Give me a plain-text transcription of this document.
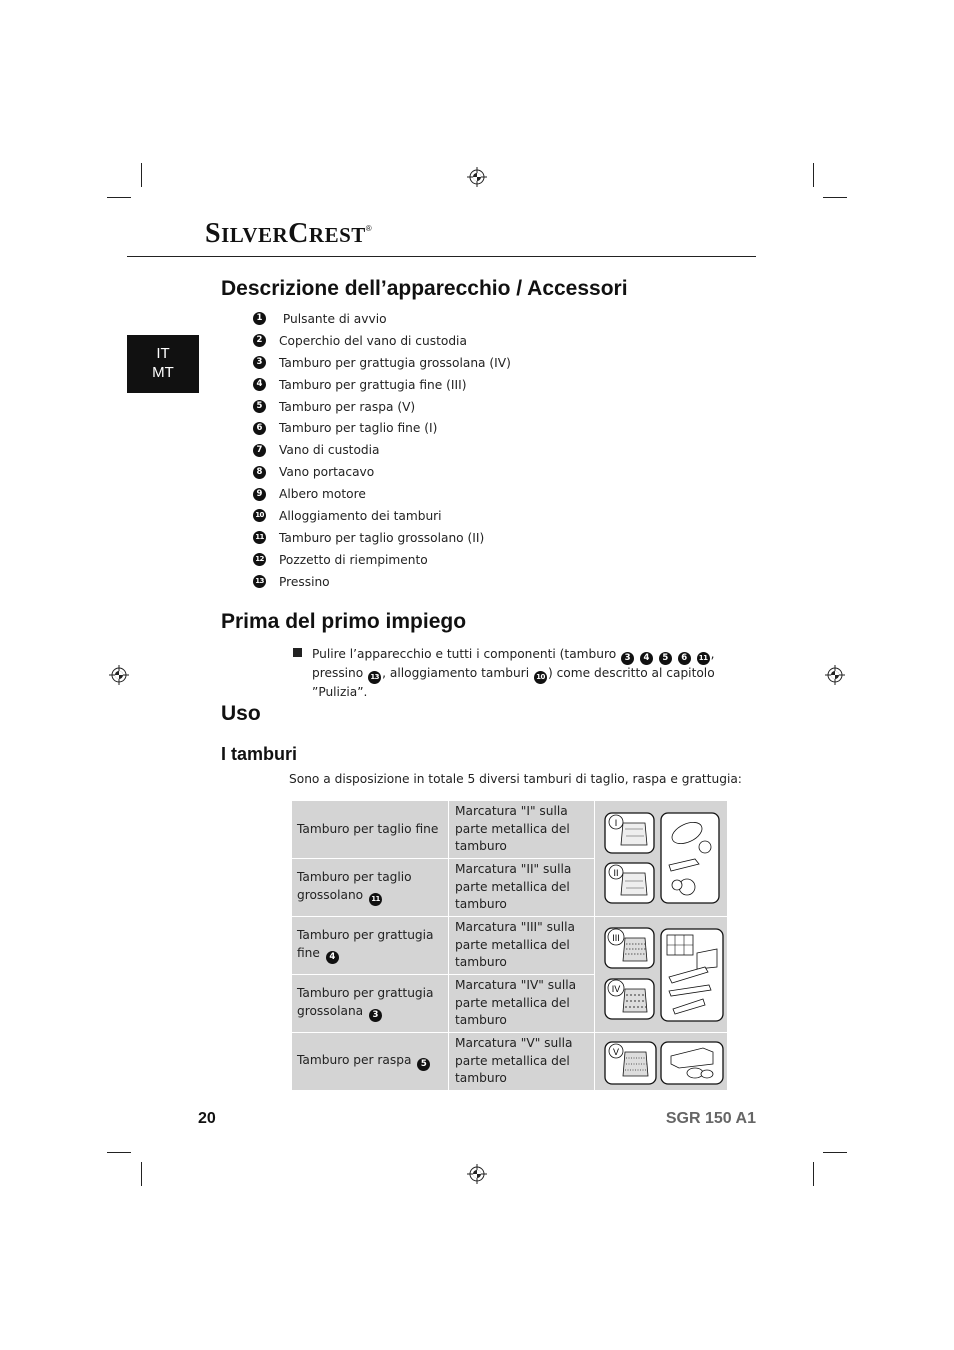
SILVERCREST®
IT
MT
Descrizione dell’apparecchio / Accessori
1 Pulsante di avvio
2 Coperchio del vano di custodia
3 Tamburo per grattugia grossolana (IV)
4 Tamburo per grattugia fine (III)
5 Tamburo per raspa (V)
6 Tamburo per taglio fine (I)
7 Vano di custodia
8 Vano portacavo
9 Albero motore
10 Alloggiamento dei tamburi
11 Tamburo per taglio grossolano (II)
12 Pozzetto di riempimento
13 Pressino
Prima del primo impiego
Pulire l’apparecchio e tutti i componenti (tamburo 3 4 5 6 11 , pressino 13 , alloggiamento tamburi 10 ) come descritto al capitolo ”Pulizia”.
Uso
I tamburi
Sono a disposizione in totale 5 diversi tamburi di taglio, raspa e grattugia:
Tamburo per taglio fine	Marcatura "I" sulla parte metallica del tamburo	I
II

Tamburo per taglio grossolano 11	Marcatura "II" sulla parte metallica del tamburo	
Tamburo per grattugia fine 4	Marcatura "III" sulla parte metallica del tamburo	III
IV

Tamburo per grattugia grossolana 3	Marcatura "IV" sulla parte metallica del tamburo	
Tamburo per raspa 5	Marcatura "V" sulla parte metallica del tamburo	V
20	SGR 150 A1
